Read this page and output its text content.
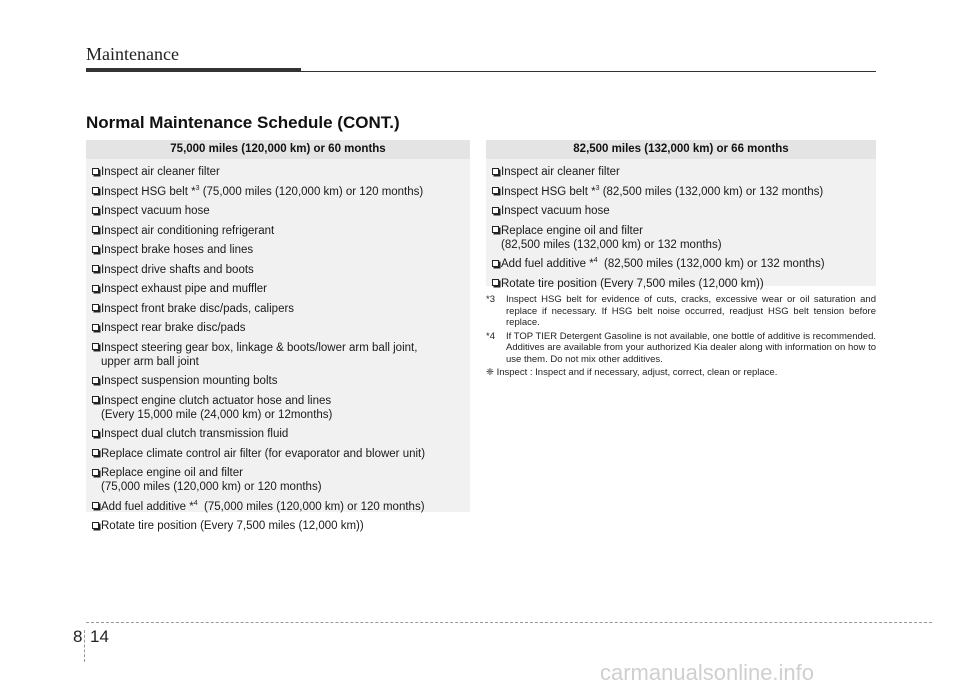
Maintenance
Normal Maintenance Schedule (CONT.)
75,000 miles (120,000 km) or 60 months
Inspect air cleaner filter
Inspect HSG belt *$^3$ (75,000 miles (120,000 km) or 120 months)
Inspect vacuum hose
Inspect air conditioning refrigerant
Inspect brake hoses and lines
Inspect drive shafts and boots
Inspect exhaust pipe and muffler
Inspect front brake disc/pads, calipers
Inspect rear brake disc/pads
Inspect steering gear box, linkage & boots/lower arm ball joint,
upper arm ball joint
Inspect suspension mounting bolts
Inspect engine clutch actuator hose and lines
(Every 15,000 mile (24,000 km) or 12months)
Inspect dual clutch transmission fluid
Replace climate control air filter (for evaporator and blower unit)
Replace engine oil and filter
(75,000 miles (120,000 km) or 120 months)
Add fuel additive *$^4$  (75,000 miles (120,000 km) or 120 months)
Rotate tire position (Every 7,500 miles (12,000 km))
82,500 miles (132,000 km) or 66 months
Inspect air cleaner filter
Inspect HSG belt *$^3$ (82,500 miles (132,000 km) or 132 months)
Inspect vacuum hose
Replace engine oil and filter
(82,500 miles (132,000 km) or 132 months)
Add fuel additive *$^4$  (82,500 miles (132,000 km) or 132 months)
Rotate tire position (Every 7,500 miles (12,000 km))
*3 Inspect HSG belt for evidence of cuts, cracks, excessive wear or oil saturation and replace if necessary. If HSG belt noise occurred, readjust HSG belt tension before replace.
*4 If TOP TIER Detergent Gasoline is not available, one bottle of additive is recommended. Additives are available from your authorized Kia dealer along with information on how to use them. Do not mix other additives.
❈ Inspect : Inspect and if necessary, adjust, correct, clean or replace.
8 14
carmanualsonline.info
